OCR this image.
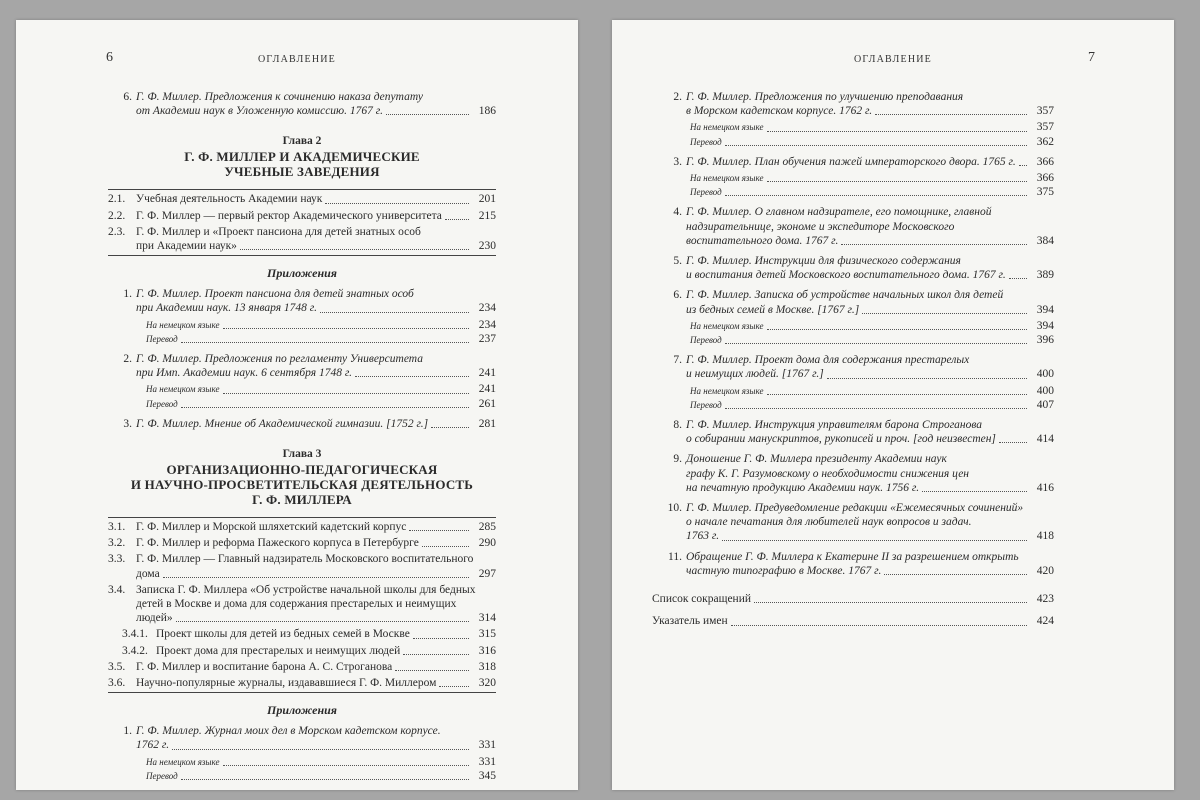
6	ОГЛАВЛЕНИЕ
6. Г. Ф. Миллер. Предложения к сочинению наказа депутату
от Академии наук в Уложенную комиссию. 1767 г.	186
Глава 2
Г. Ф. МИЛЛЕР И АКАДЕМИЧЕСКИЕ
УЧЕБНЫЕ ЗАВЕДЕНИЯ
2.1. Учебная деятельность Академии наук	201
2.2. Г. Ф. Миллер — первый ректор Академического университета	215
2.3. Г. Ф. Миллер и «Проект пансиона для детей знатных особ
при Академии наук»	230
Приложения
1. Г. Ф. Миллер. Проект пансиона для детей знатных особ
при Академии наук. 13 января 1748 г.	234
На немецком языке	234
Перевод	237
2. Г. Ф. Миллер. Предложения по регламенту Университета
при Имп. Академии наук. 6 сентября 1748 г.	241
На немецком языке	241
Перевод	261
3. Г. Ф. Миллер. Мнение об Академической гимназии. [1752 г.]	281
Глава 3
ОРГАНИЗАЦИОННО-ПЕДАГОГИЧЕСКАЯ
И НАУЧНО-ПРОСВЕТИТЕЛЬСКАЯ ДЕЯТЕЛЬНОСТЬ
Г. Ф. МИЛЛЕРА
3.1. Г. Ф. Миллер и Морской шляхетский кадетский корпус	285
3.2. Г. Ф. Миллер и реформа Пажеского корпуса в Петербурге	290
3.3. Г. Ф. Миллер — Главный надзиратель Московского воспитательного
дома	297
3.4. Записка Г. Ф. Миллера «Об устройстве начальной школы для бедных
детей в Москве и дома для содержания престарелых и неимущих
людей»	314
3.4.1. Проект школы для детей из бедных семей в Москве	315
3.4.2. Проект дома для престарелых и неимущих людей	316
3.5. Г. Ф. Миллер и воспитание барона А. С. Строганова	318
3.6. Научно-популярные журналы, издававшиеся Г. Ф. Миллером	320
Приложения
1. Г. Ф. Миллер. Журнал моих дел в Морском кадетском корпусе.
1762 г.	331
На немецком языке	331
Перевод	345
ОГЛАВЛЕНИЕ	7
2. Г. Ф. Миллер. Предложения по улучшению преподавания
в Морском кадетском корпусе. 1762 г.	357
На немецком языке	357
Перевод	362
3. Г. Ф. Миллер. План обучения пажей императорского двора. 1765 г.	366
На немецком языке	366
Перевод	375
4. Г. Ф. Миллер. О главном надзирателе, его помощнике, главной
надзирательнице, экономе и экспедиторе Московского
воспитательного дома. 1767 г.	384
5. Г. Ф. Миллер. Инструкции для физического содержания
и воспитания детей Московского воспитательного дома. 1767 г.	389
6. Г. Ф. Миллер. Записка об устройстве начальных школ для детей
из бедных семей в Москве. [1767 г.]	394
На немецком языке	394
Перевод	396
7. Г. Ф. Миллер. Проект дома для содержания престарелых
и неимущих людей. [1767 г.]	400
На немецком языке	400
Перевод	407
8. Г. Ф. Миллер. Инструкция управителям барона Строганова
о собирании манускриптов, рукописей и проч. [год неизвестен]	414
9. Доношение Г. Ф. Миллера президенту Академии наук
графу К. Г. Разумовскому о необходимости снижения цен
на печатную продукцию Академии наук. 1756 г.	416
10. Г. Ф. Миллер. Предуведомление редакции «Ежемесячных сочинений»
о начале печатания для любителей наук вопросов и задач.
1763 г.	418
11. Обращение Г. Ф. Миллера к Екатерине II за разрешением открыть
частную типографию в Москве. 1767 г.	420
Список сокращений	423
Указатель имен	424
